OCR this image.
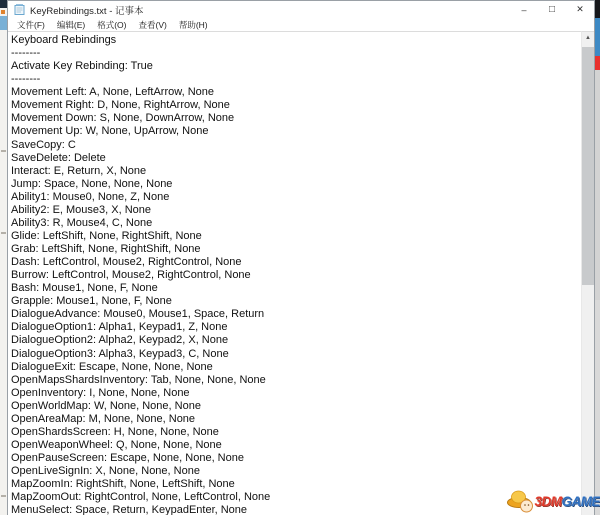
KeyRebindings.txt - 记事本	–	□	✕
文件(F)	编辑(E)	格式(O)	查看(V)	帮助(H)
Keyboard Rebindings
--------
Activate Key Rebinding: True
--------
Movement Left: A, None, LeftArrow, None
Movement Right: D, None, RightArrow, None
Movement Down: S, None, DownArrow, None
Movement Up: W, None, UpArrow, None
SaveCopy: C
SaveDelete: Delete
Interact: E, Return, X, None
Jump: Space, None, None, None
Ability1: Mouse0, None, Z, None
Ability2: E, Mouse3, X, None
Ability3: R, Mouse4, C, None
Glide: LeftShift, None, RightShift, None
Grab: LeftShift, None, RightShift, None
Dash: LeftControl, Mouse2, RightControl, None
Burrow: LeftControl, Mouse2, RightControl, None
Bash: Mouse1, None, F, None
Grapple: Mouse1, None, F, None
DialogueAdvance: Mouse0, Mouse1, Space, Return
DialogueOption1: Alpha1, Keypad1, Z, None
DialogueOption2: Alpha2, Keypad2, X, None
DialogueOption3: Alpha3, Keypad3, C, None
DialogueExit: Escape, None, None, None
OpenMapsShardsInventory: Tab, None, None, None
OpenInventory: I, None, None, None
OpenWorldMap: W, None, None, None
OpenAreaMap: M, None, None, None
OpenShardsScreen: H, None, None, None
OpenWeaponWheel: Q, None, None, None
OpenPauseScreen: Escape, None, None, None
OpenLiveSignIn: X, None, None, None
MapZoomIn: RightShift, None, LeftShift, None
MapZoomOut: RightControl, None, LeftControl, None
MenuSelect: Space, Return, KeypadEnter, None
▲
3DM GAME
